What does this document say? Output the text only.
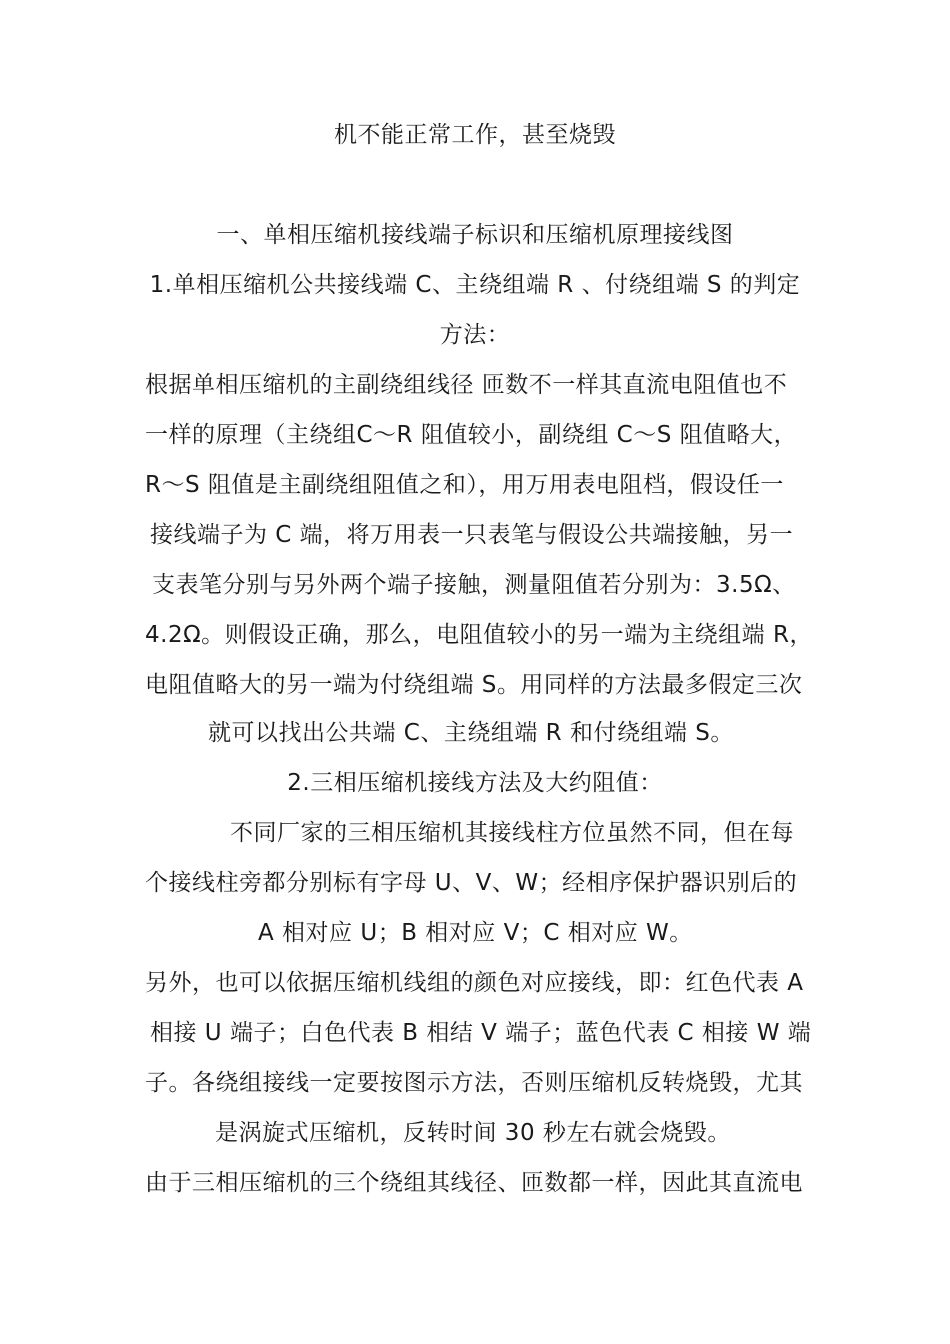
机不能正常工作，甚至烧毁
一、单相压缩机接线端子标识和压缩机原理接线图
1.单相压缩机公共接线端 C、主绕组端 R 、付绕组端 S 的判定
方法：
根据单相压缩机的主副绕组线径 匝数不一样其直流电阻值也不
一样的原理（主绕组C～R 阻值较小，副绕组 C～S 阻值略大，
R～S 阻值是主副绕组阻值之和），用万用表电阻档，假设任一
接线端子为 C 端，将万用表一只表笔与假设公共端接触，另一
支表笔分别与另外两个端子接触，测量阻值若分别为：3.5Ω、
4.2Ω。则假设正确，那么，电阻值较小的另一端为主绕组端 R，
电阻值略大的另一端为付绕组端 S。用同样的方法最多假定三次
就可以找出公共端 C、主绕组端 R 和付绕组端 S。
2.三相压缩机接线方法及大约阻值：
不同厂家的三相压缩机其接线柱方位虽然不同，但在每
个接线柱旁都分别标有字母 U、V、W；经相序保护器识别后的
A 相对应 U；B 相对应 V；C 相对应 W。
另外，也可以依据压缩机线组的颜色对应接线，即：红色代表 A
相接 U 端子；白色代表 B 相结 V 端子；蓝色代表 C 相接 W 端
子。各绕组接线一定要按图示方法，否则压缩机反转烧毁，尤其
是涡旋式压缩机，反转时间 30 秒左右就会烧毁。
由于三相压缩机的三个绕组其线径、匝数都一样，因此其直流电
